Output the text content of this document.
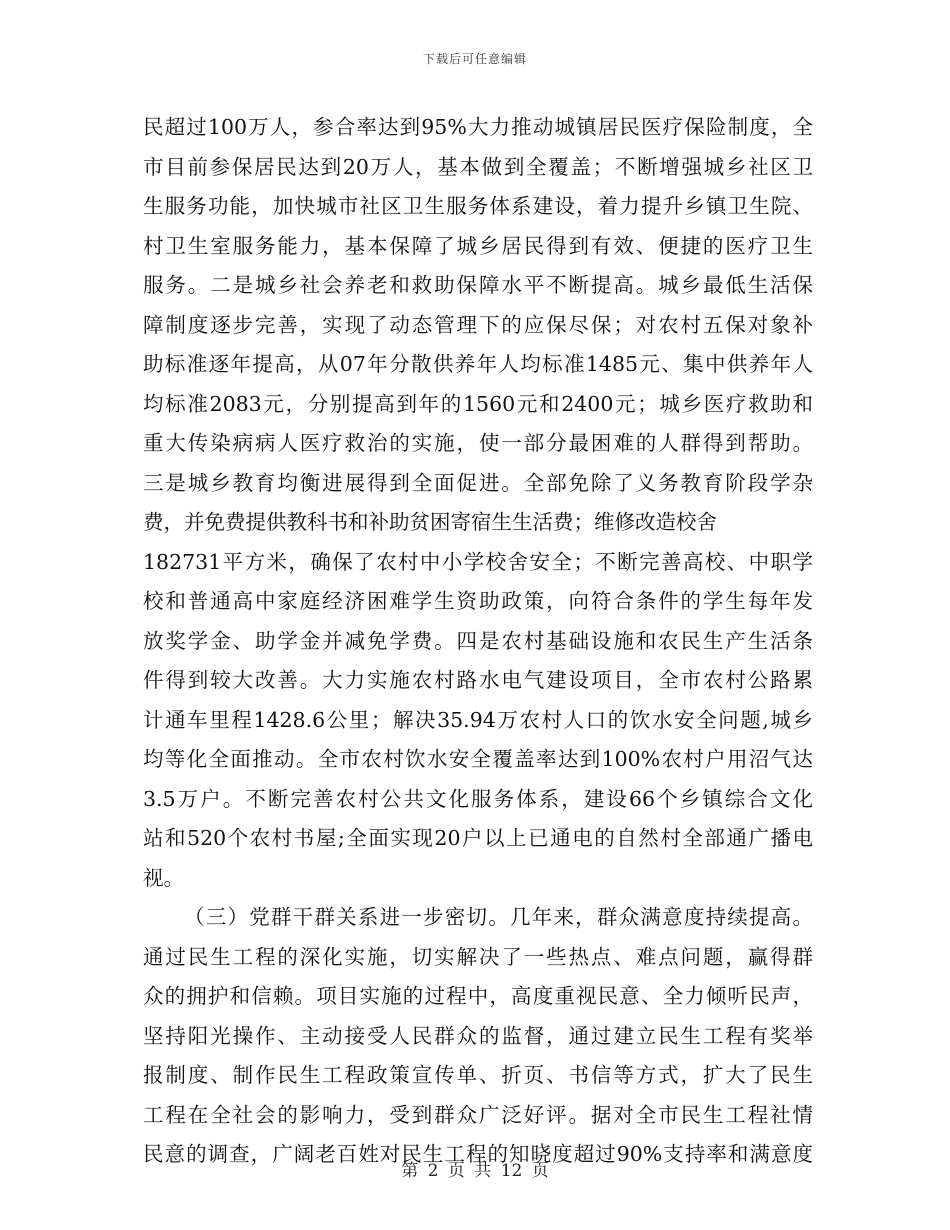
下载后可任意编辑
民超过100万人，参合率达到95%大力推动城镇居民医疗保险制度，全
市目前参保居民达到20万人，基本做到全覆盖；不断增强城乡社区卫
生服务功能，加快城市社区卫生服务体系建设，着力提升乡镇卫生院、
村卫生室服务能力，基本保障了城乡居民得到有效、便捷的医疗卫生
服务。二是城乡社会养老和救助保障水平不断提高。城乡最低生活保
障制度逐步完善，实现了动态管理下的应保尽保；对农村五保对象补
助标准逐年提高，从07年分散供养年人均标准1485元、集中供养年人
均标准2083元，分别提高到年的1560元和2400元；城乡医疗救助和
重大传染病病人医疗救治的实施，使一部分最困难的人群得到帮助。
三是城乡教育均衡进展得到全面促进。全部免除了义务教育阶段学杂
费，并免费提供教科书和补助贫困寄宿生生活费；维修改造校舍
182731平方米，确保了农村中小学校舍安全；不断完善高校、中职学
校和普通高中家庭经济困难学生资助政策，向符合条件的学生每年发
放奖学金、助学金并减免学费。四是农村基础设施和农民生产生活条
件得到较大改善。大力实施农村路水电气建设项目，全市农村公路累
计通车里程1428.6公里；解决35.94万农村人口的饮水安全问题,城乡
均等化全面推动。全市农村饮水安全覆盖率达到100%农村户用沼气达
3.5万户。不断完善农村公共文化服务体系，建设66个乡镇综合文化
站和520个农村书屋;全面实现20户以上已通电的自然村全部通广播电
视。
（三）党群干群关系进一步密切。几年来，群众满意度持续提高。
通过民生工程的深化实施，切实解决了一些热点、难点问题，赢得群
众的拥护和信赖。项目实施的过程中，高度重视民意、全力倾听民声，
坚持阳光操作、主动接受人民群众的监督，通过建立民生工程有奖举
报制度、制作民生工程政策宣传单、折页、书信等方式，扩大了民生
工程在全社会的影响力，受到群众广泛好评。据对全市民生工程社情
民意的调查，广阔老百姓对民生工程的知晓度超过90%支持率和满意度
第 2 页 共 12 页
